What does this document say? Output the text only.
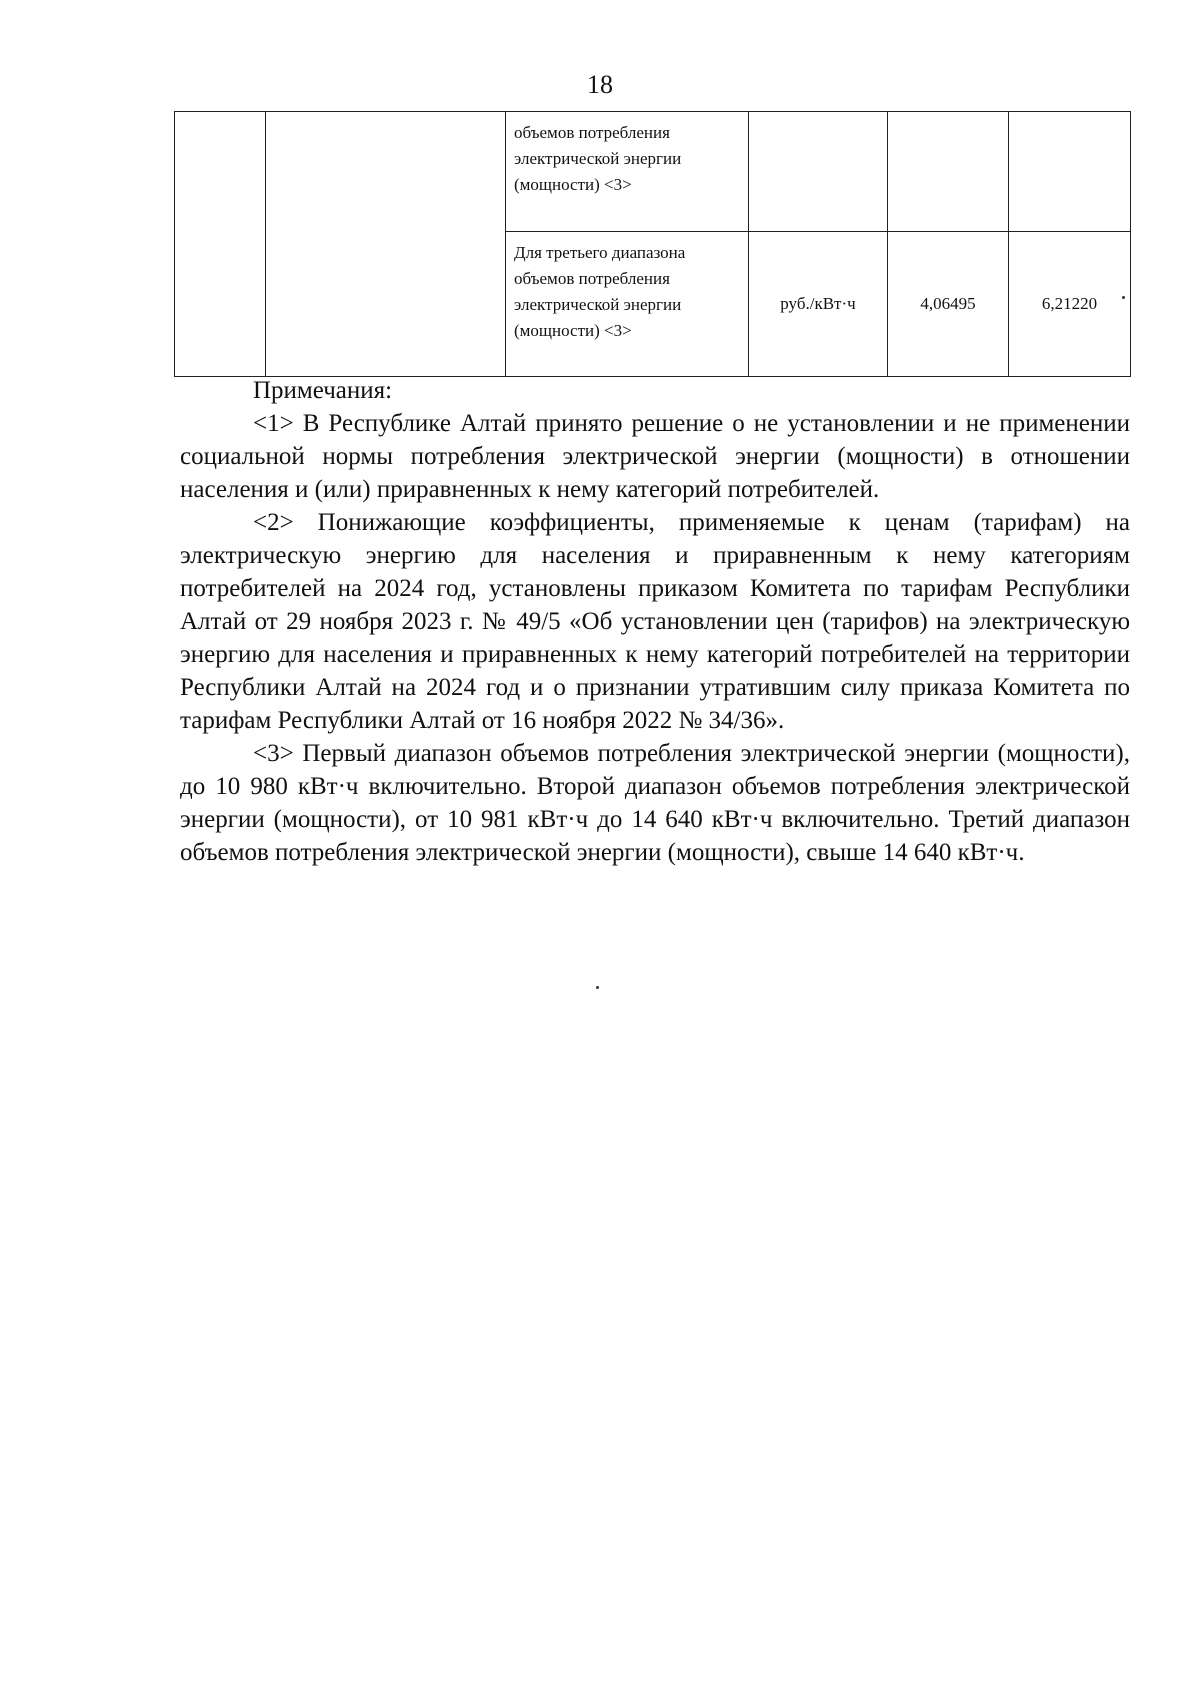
18

		объемов потребления
электрической энергии
(мощности) <3>			

		Для третьего диапазона
объемов потребления
электрической энергии
(мощности) <3>	руб./кВт·ч	4,06495	6,21220

Примечания:

<1> В Республике Алтай принято решение о не установлении и не применении социальной нормы потребления электрической энергии (мощности) в отношении населения и (или) приравненных к нему категорий потребителей.

<2> Понижающие коэффициенты, применяемые к ценам (тарифам) на электрическую энергию для населения и приравненным к нему категориям потребителей на 2024 год, установлены приказом Комитета по тарифам Республики Алтай от 29 ноября 2023 г. № 49/5 «Об установлении цен (тарифов) на электрическую энергию для населения и приравненных к нему категорий потребителей на территории Республики Алтай на 2024 год и о признании утратившим силу приказа Комитета по тарифам Республики Алтай от 16 ноября 2022 № 34/36».

<3> Первый диапазон объемов потребления электрической энергии (мощности), до 10 980 кВт·ч включительно. Второй диапазон объемов потребления электрической энергии (мощности), от 10 981 кВт·ч до 14 640 кВт·ч включительно. Третий диапазон объемов потребления электрической энергии (мощности), свыше 14 640 кВт·ч.
